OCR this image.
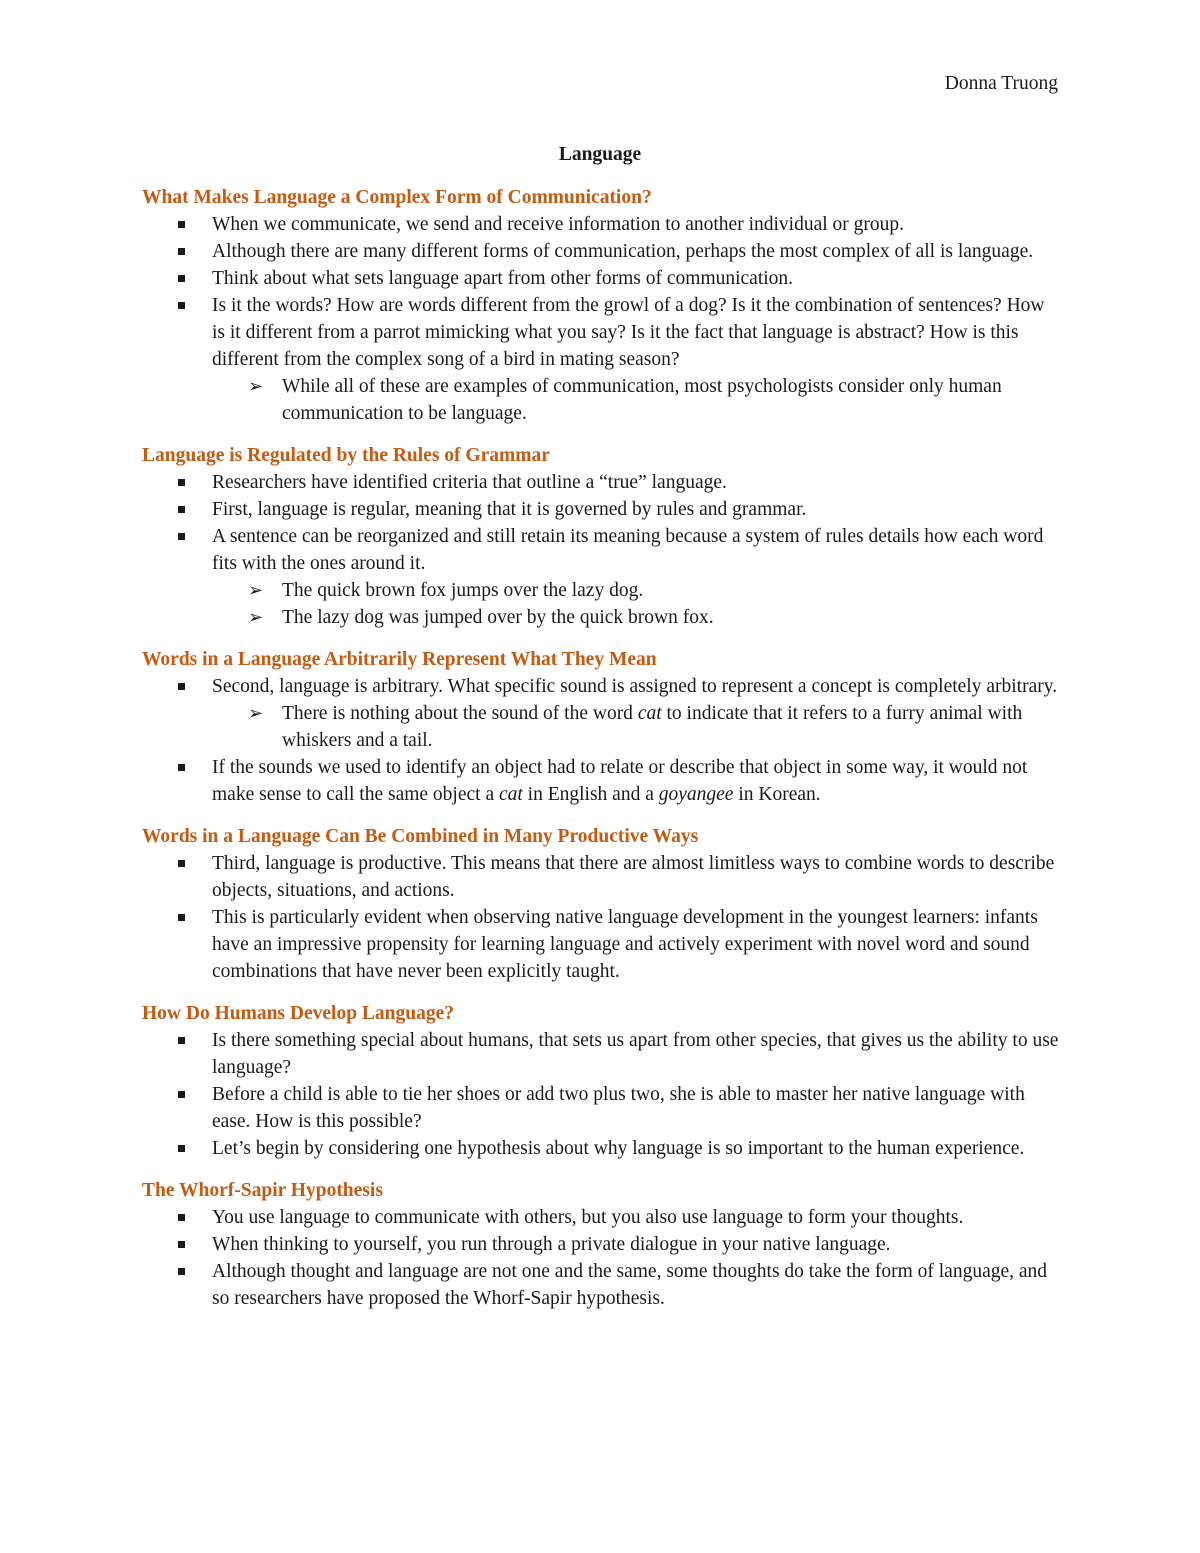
Donna Truong
Language
What Makes Language a Complex Form of Communication?
When we communicate, we send and receive information to another individual or group.
Although there are many different forms of communication, perhaps the most complex of all is language.
Think about what sets language apart from other forms of communication.
Is it the words? How are words different from the growl of a dog? Is it the combination of sentences? How is it different from a parrot mimicking what you say? Is it the fact that language is abstract? How is this different from the complex song of a bird in mating season?
➢ While all of these are examples of communication, most psychologists consider only human communication to be language.
Language is Regulated by the Rules of Grammar
Researchers have identified criteria that outline a “true” language.
First, language is regular, meaning that it is governed by rules and grammar.
A sentence can be reorganized and still retain its meaning because a system of rules details how each word fits with the ones around it.
➢ The quick brown fox jumps over the lazy dog.
➢ The lazy dog was jumped over by the quick brown fox.
Words in a Language Arbitrarily Represent What They Mean
Second, language is arbitrary. What specific sound is assigned to represent a concept is completely arbitrary.
➢ There is nothing about the sound of the word cat to indicate that it refers to a furry animal with whiskers and a tail.
If the sounds we used to identify an object had to relate or describe that object in some way, it would not make sense to call the same object a cat in English and a goyangee in Korean.
Words in a Language Can Be Combined in Many Productive Ways
Third, language is productive. This means that there are almost limitless ways to combine words to describe objects, situations, and actions.
This is particularly evident when observing native language development in the youngest learners: infants have an impressive propensity for learning language and actively experiment with novel word and sound combinations that have never been explicitly taught.
How Do Humans Develop Language?
Is there something special about humans, that sets us apart from other species, that gives us the ability to use language?
Before a child is able to tie her shoes or add two plus two, she is able to master her native language with ease. How is this possible?
Let’s begin by considering one hypothesis about why language is so important to the human experience.
The Whorf-Sapir Hypothesis
You use language to communicate with others, but you also use language to form your thoughts.
When thinking to yourself, you run through a private dialogue in your native language.
Although thought and language are not one and the same, some thoughts do take the form of language, and so researchers have proposed the Whorf-Sapir hypothesis.
